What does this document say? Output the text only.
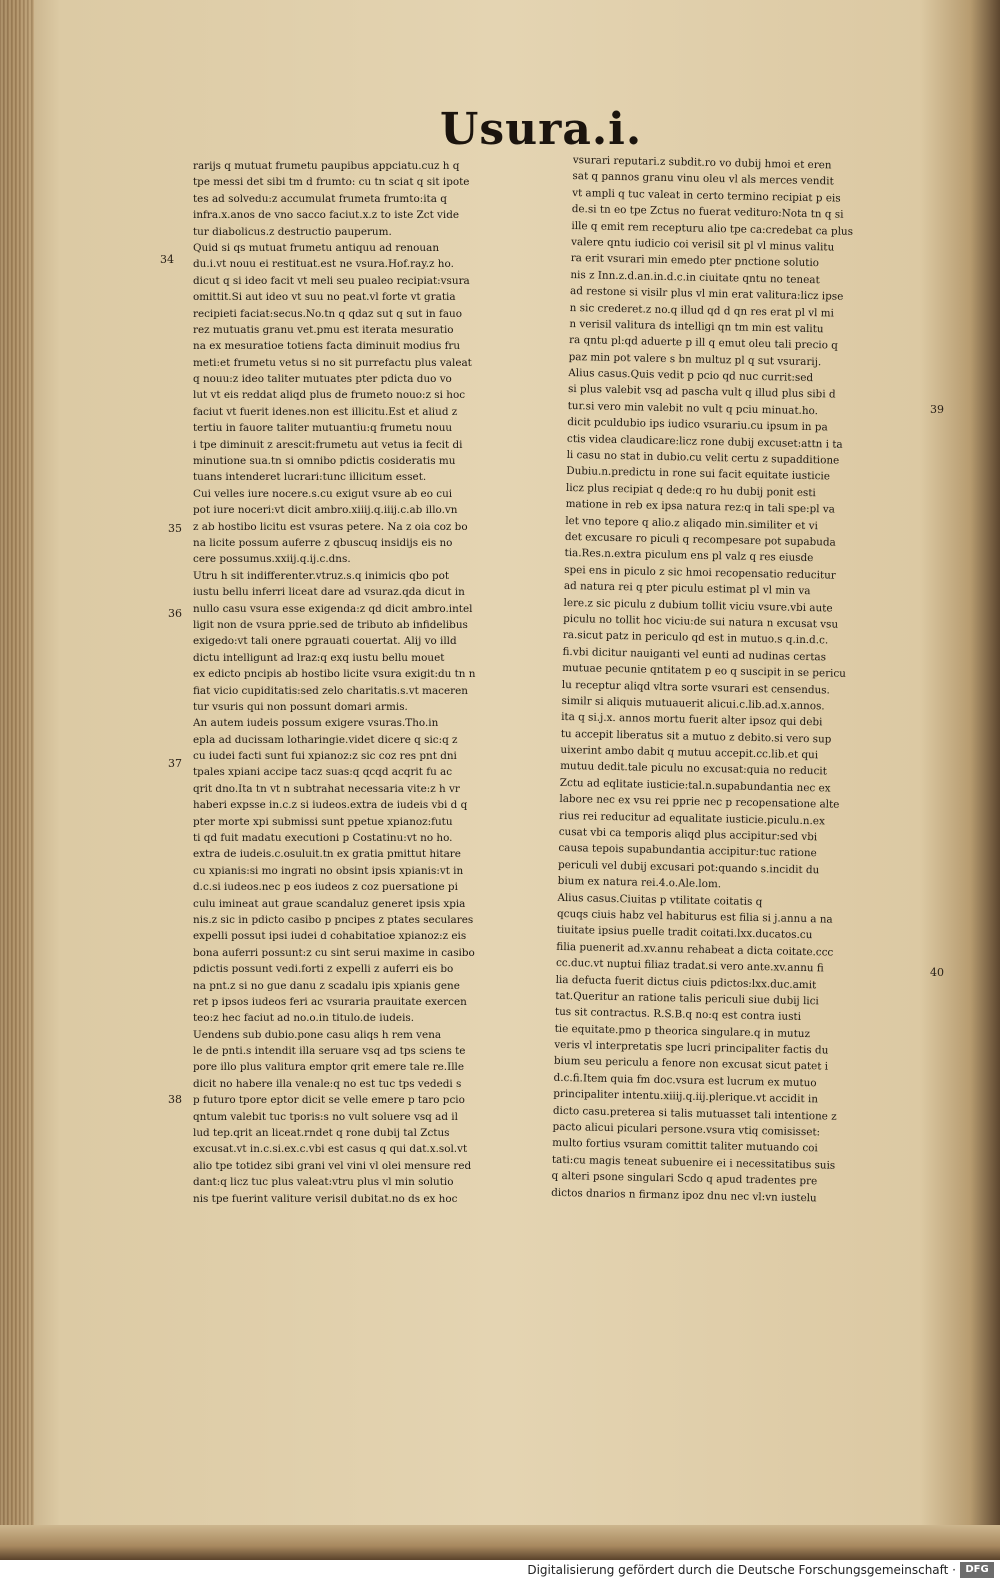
Usura.i.
34
35
36
37
38
39
40
rarijs q mutuat frumetu paupibus appciatu.cuz h q
tpe messi det sibi tm d frumto: cu tn sciat q sit ipote
tes ad solvedu:z accumulat frumeta frumto:ita q
infra.x.anos de vno sacco faciut.x.z to iste Zct vide
tur diabolicus.z destructio pauperum.
Quid si qs mutuat frumetu antiquu ad renouan
du.i.vt nouu ei restituat.est ne vsura.Hof.ray.z ho.
dicut q si ideo facit vt meli seu pualeo recipiat:vsura
omittit.Si aut ideo vt suu no peat.vl forte vt gratia
recipieti faciat:secus.No.tn q qdaz sut q sut in fauo
rez mutuatis granu vet.pmu est iterata mesuratio
na ex mesuratioe totiens facta diminuit modius fru
meti:et frumetu vetus si no sit purrefactu plus valeat
q nouu:z ideo taliter mutuates pter pdicta duo vo
lut vt eis reddat aliqd plus de frumeto nouo:z si hoc
faciut vt fuerit idenes.non est illicitu.Est et aliud z
tertiu in fauore taliter mutuantiu:q frumetu nouu
i tpe diminuit z arescit:frumetu aut vetus ia fecit di
minutione sua.tn si omnibo pdictis cosideratis mu
tuans intenderet lucrari:tunc illicitum esset.
Cui velles iure nocere.s.cu exigut vsure ab eo cui
pot iure noceri:vt dicit ambro.xiiij.q.iiij.c.ab illo.vn
z ab hostibo licitu est vsuras petere. Na z oia coz bo
na licite possum auferre z qbuscuq insidijs eis no
cere possumus.xxiij.q.ij.c.dns.
Utru h sit indifferenter.vtruz.s.q inimicis qbo pot
iustu bellu inferri liceat dare ad vsuraz.qda dicut in
nullo casu vsura esse exigenda:z qd dicit ambro.intel
ligit non de vsura pprie.sed de tributo ab infidelibus
exigedo:vt tali onere pgrauati couertat. Alij vo illd
dictu intelligunt ad lraz:q exq iustu bellu mouet
ex edicto pncipis ab hostibo licite vsura exigit:du tn n
fiat vicio cupiditatis:sed zelo charitatis.s.vt maceren
tur vsuris qui non possunt domari armis.
An autem iudeis possum exigere vsuras.Tho.in
epla ad ducissam lotharingie.videt dicere q sic:q z
cu iudei facti sunt fui xpianoz:z sic coz res pnt dni
tpales xpiani accipe tacz suas:q qcqd acqrit fu ac
qrit dno.Ita tn vt n subtrahat necessaria vite:z h vr
haberi expsse in.c.z si iudeos.extra de iudeis vbi d q
pter morte xpi submissi sunt ppetue xpianoz:futu
ti qd fuit madatu executioni p Costatinu:vt no ho.
extra de iudeis.c.osuluit.tn ex gratia pmittut hitare
cu xpianis:si mo ingrati no obsint ipsis xpianis:vt in
d.c.si iudeos.nec p eos iudeos z coz puersatione pi
culu imineat aut graue scandaluz generet ipsis xpia
nis.z sic in pdicto casibo p pncipes z ptates seculares
expelli possut ipsi iudei d cohabitatioe xpianoz:z eis
bona auferri possunt:z cu sint serui maxime in casibo
pdictis possunt vedi.forti z expelli z auferri eis bo
na pnt.z si no gue danu z scadalu ipis xpianis gene
ret p ipsos iudeos feri ac vsuraria prauitate exercen
teo:z hec faciut ad no.o.in titulo.de iudeis.
Uendens sub dubio.pone casu aliqs h rem vena
le de pnti.s intendit illa seruare vsq ad tps sciens te
pore illo plus valitura emptor qrit emere tale re.Ille
dicit no habere illa venale:q no est tuc tps vededi s
p futuro tpore eptor dicit se velle emere p taro pcio
qntum valebit tuc tporis:s no vult soluere vsq ad il
lud tep.qrit an liceat.rndet q rone dubij tal Zctus
excusat.vt in.c.si.ex.c.vbi est casus q qui dat.x.sol.vt
alio tpe totidez sibi grani vel vini vl olei mensure red
dant:q licz tuc plus valeat:vtru plus vl min solutio
nis tpe fuerint valiture verisil dubitat.no ds ex hoc
vsurari reputari.z subdit.ro vo dubij hmoi et eren
sat q pannos granu vinu oleu vl als merces vendit
vt ampli q tuc valeat in certo termino recipiat p eis
de.si tn eo tpe Zctus no fuerat vedituro:Nota tn q si
ille q emit rem recepturu alio tpe ca:credebat ca plus
valere qntu iudicio coi verisil sit pl vl minus valitu
ra erit vsurari min emedo pter pnctione solutio
nis z Inn.z.d.an.in.d.c.in ciuitate qntu no teneat
ad restone si visilr plus vl min erat valitura:licz ipse
n sic crederet.z no.q illud qd d qn res erat pl vl mi
n verisil valitura ds intelligi qn tm min est valitu
ra qntu pl:qd aduerte p ill q emut oleu tali precio q
paz min pot valere s bn multuz pl q sut vsurarij.
Alius casus.Quis vedit p pcio qd nuc currit:sed
si plus valebit vsq ad pascha vult q illud plus sibi d
tur.si vero min valebit no vult q pciu minuat.ho.
dicit pculdubio ips iudico vsurariu.cu ipsum in pa
ctis videa claudicare:licz rone dubij excuset:attn i ta
li casu no stat in dubio.cu velit certu z supadditione
Dubiu.n.predictu in rone sui facit equitate iusticie
licz plus recipiat q dede:q ro hu dubij ponit esti
matione in reb ex ipsa natura rez:q in tali spe:pl va
let vno tepore q alio.z aliqado min.similiter et vi
det excusare ro piculi q recompesare pot supabuda
tia.Res.n.extra piculum ens pl valz q res eiusde
spei ens in piculo z sic hmoi recopensatio reducitur
ad natura rei q pter piculu estimat pl vl min va
lere.z sic piculu z dubium tollit viciu vsure.vbi aute
piculu no tollit hoc viciu:de sui natura n excusat vsu
ra.sicut patz in periculo qd est in mutuo.s q.in.d.c.
fi.vbi dicitur nauiganti vel eunti ad nudinas certas
mutuae pecunie qntitatem p eo q suscipit in se pericu
lu receptur aliqd vltra sorte vsurari est censendus.
similr si aliquis mutuauerit alicui.c.lib.ad.x.annos.
ita q si.j.x. annos mortu fuerit alter ipsoz qui debi
tu accepit liberatus sit a mutuo z debito.si vero sup
uixerint ambo dabit q mutuu accepit.cc.lib.et qui
mutuu dedit.tale piculu no excusat:quia no reducit
Zctu ad eqlitate iusticie:tal.n.supabundantia nec ex
labore nec ex vsu rei pprie nec p recopensatione alte
rius rei reducitur ad equalitate iusticie.piculu.n.ex
cusat vbi ca temporis aliqd plus accipitur:sed vbi
causa tepois supabundantia accipitur:tuc ratione
periculi vel dubij excusari pot:quando s.incidit du
bium ex natura rei.4.o.Ale.lom.
Alius casus.Ciuitas p vtilitate coitatis q
qcuqs ciuis habz vel habiturus est filia si j.annu a na
tiuitate ipsius puelle tradit coitati.lxx.ducatos.cu
filia puenerit ad.xv.annu rehabeat a dicta coitate.ccc
cc.duc.vt nuptui filiaz tradat.si vero ante.xv.annu fi
lia defucta fuerit dictus ciuis pdictos:lxx.duc.amit
tat.Queritur an ratione talis periculi siue dubij lici
tus sit contractus. R.S.B.q no:q est contra iusti
tie equitate.pmo p theorica singulare.q in mutuz
veris vl interpretatis spe lucri principaliter factis du
bium seu periculu a fenore non excusat sicut patet i
d.c.fi.Item quia fm doc.vsura est lucrum ex mutuo
principaliter intentu.xiiij.q.iij.plerique.vt accidit in
dicto casu.preterea si talis mutuasset tali intentione z
pacto alicui piculari persone.vsura vtiq comisisset:
multo fortius vsuram comittit taliter mutuando coi
tati:cu magis teneat subuenire ei i necessitatibus suis
q alteri psone singulari Scdo q apud tradentes pre
dictos dnarios n firmanz ipoz dnu nec vl:vn iustelu
Digitalisierung gefördert durch die Deutsche Forschungsgemeinschaft · DFG
